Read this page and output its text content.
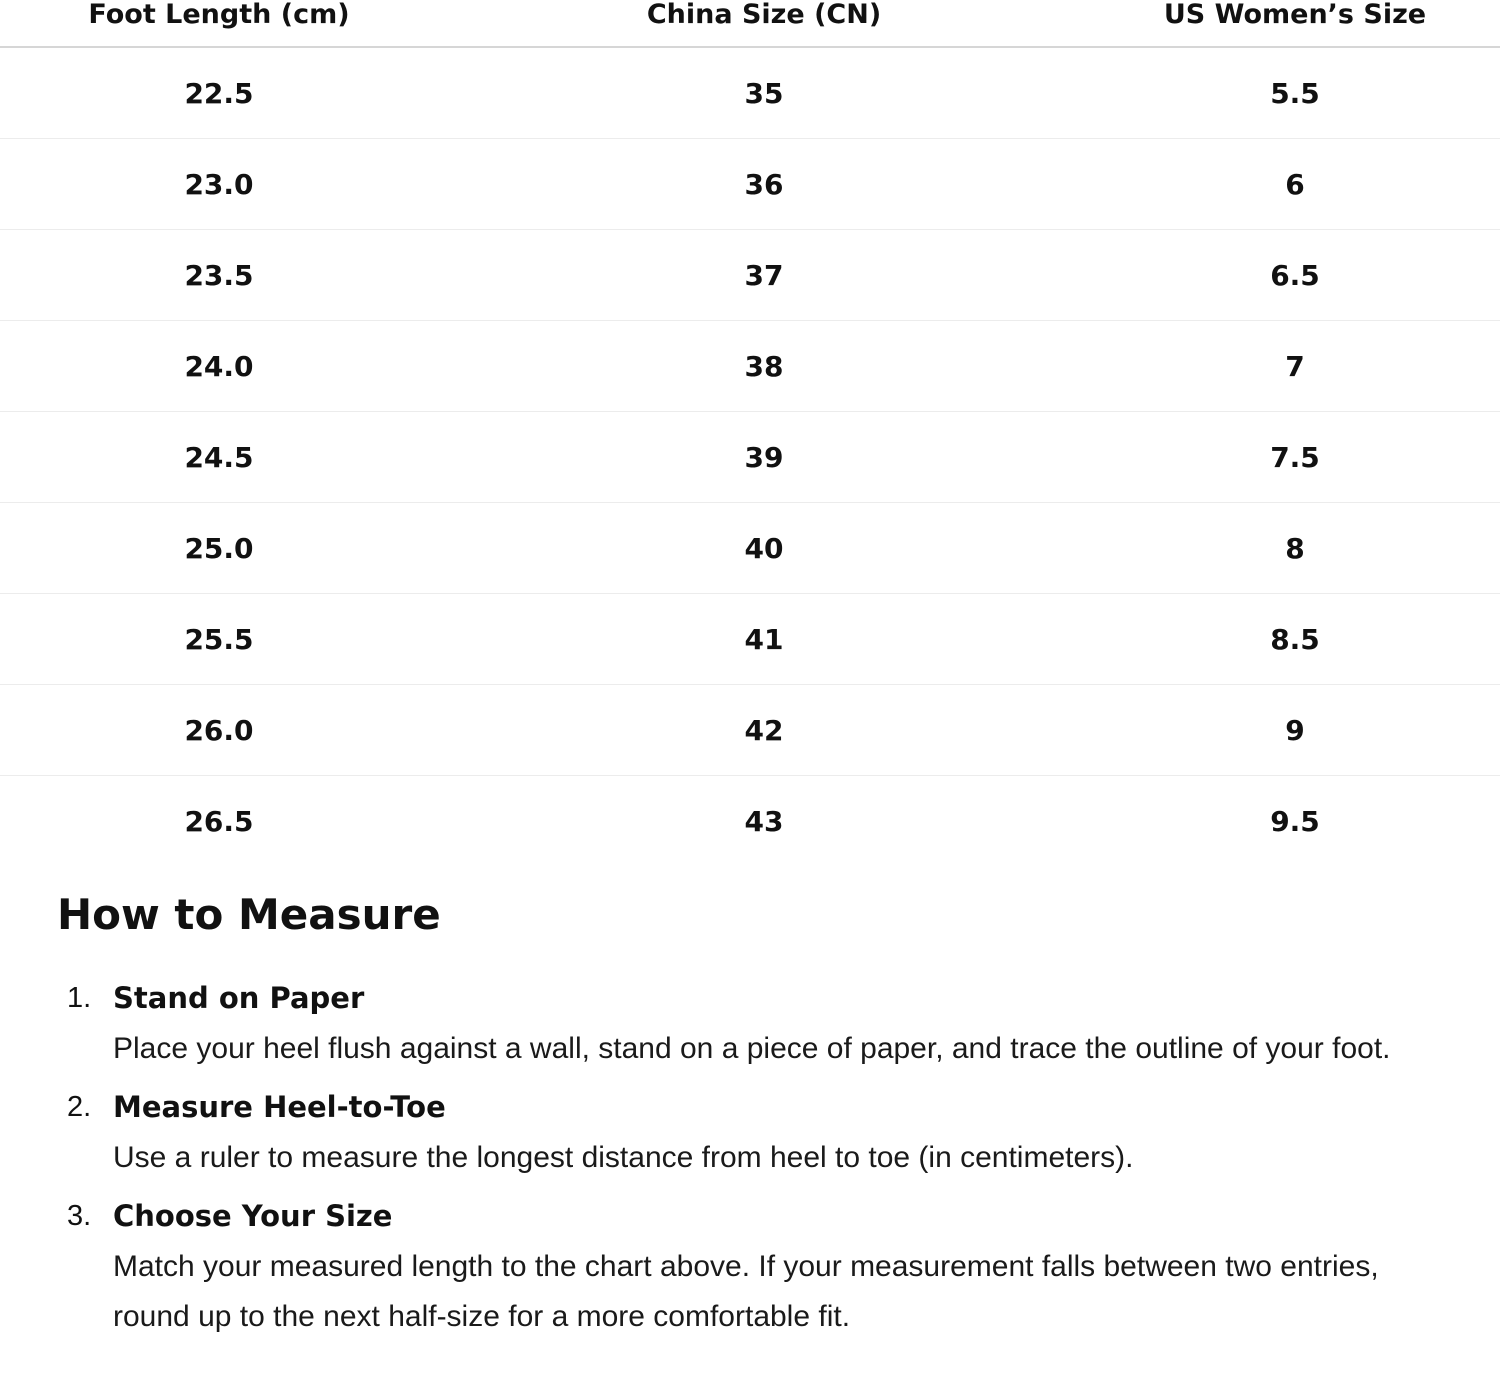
Foot Length (cm)	China Size (CN)	US Women’s Size
22.5	35	5.5
23.0	36	6
23.5	37	6.5
24.0	38	7
24.5	39	7.5
25.0	40	8
25.5	41	8.5
26.0	42	9
26.5	43	9.5
How to Measure
1. Stand on Paper
Place your heel flush against a wall, stand on a piece of paper, and trace the outline of your foot.
2. Measure Heel-to-Toe
Use a ruler to measure the longest distance from heel to toe (in centimeters).
3. Choose Your Size
Match your measured length to the chart above. If your measurement falls between two entries, round up to the next half-size for a more comfortable fit.
